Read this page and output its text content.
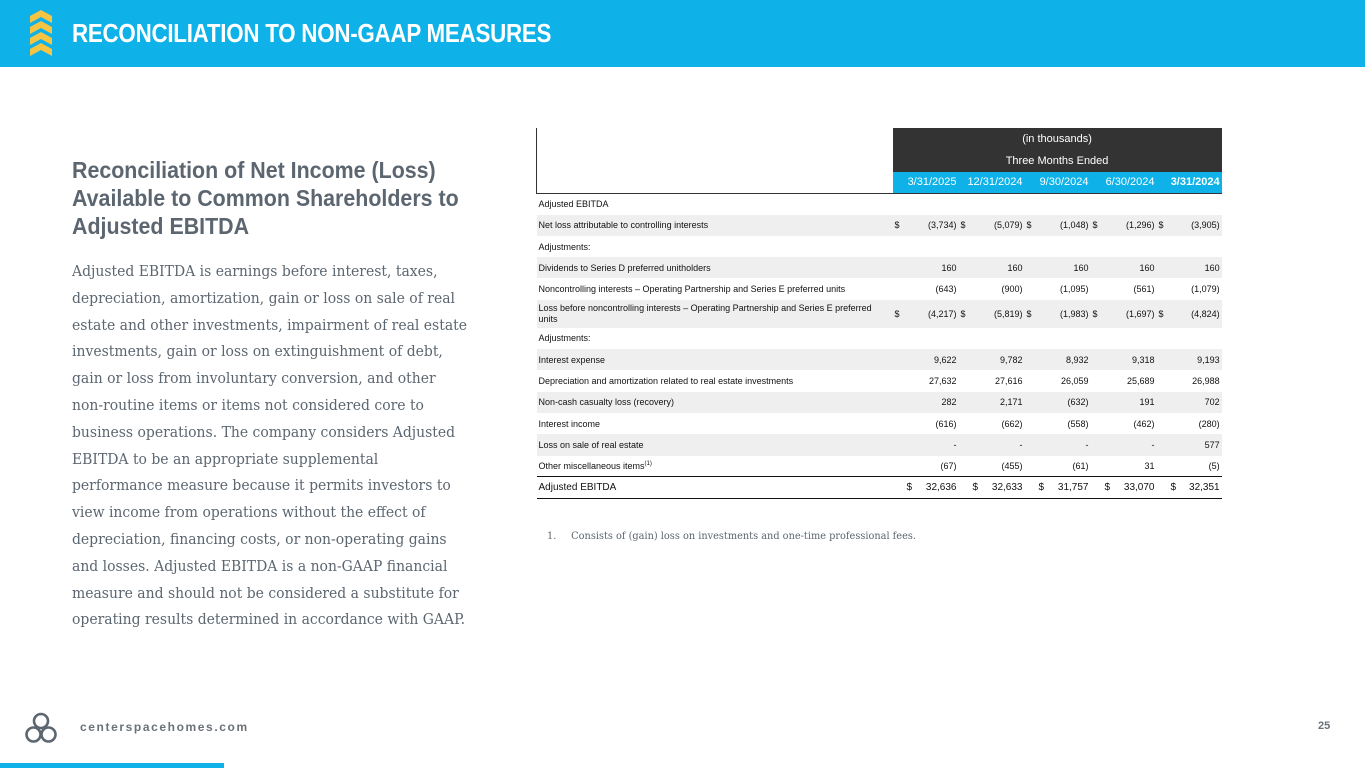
RECONCILIATION TO NON-GAAP MEASURES
Reconciliation of Net Income (Loss)
Available to Common Shareholders to
Adjusted EBITDA
Adjusted EBITDA is earnings before interest, taxes,
depreciation, amortization, gain or loss on sale of real
estate and other investments, impairment of real estate
investments, gain or loss on extinguishment of debt,
gain or loss from involuntary conversion, and other
non-routine items or items not considered core to
business operations. The company considers Adjusted
EBITDA to be an appropriate supplemental
performance measure because it permits investors to
view income from operations without the effect of
depreciation, financing costs, or non-operating gains
and losses. Adjusted EBITDA is a non-GAAP financial
measure and should not be considered a substitute for
operating results determined in accordance with GAAP.
	(in thousands)									
	Three Months Ended									
	3/31/2025		12/31/2024		9/30/2024		6/30/2024		3/31/2024	
Adjusted EBITDA										
Net loss attributable to controlling interests	$	(3,734)	$	(5,079)	$	(1,048)	$	(1,296)	$	(3,905)
Adjustments:										
Dividends to Series D preferred unitholders		160		160		160		160		160
Noncontrolling interests – Operating Partnership and Series E preferred units		(643)		(900)		(1,095)		(561)		(1,079)
Loss before noncontrolling interests – Operating Partnership and Series E preferred units	$	(4,217)	$	(5,819)	$	(1,983)	$	(1,697)	$	(4,824)
Adjustments:										
Interest expense		9,622		9,782		8,932		9,318		9,193
Depreciation and amortization related to real estate investments		27,632		27,616		26,059		25,689		26,988
Non-cash casualty loss (recovery)		282		2,171		(632)		191		702
Interest income		(616)		(662)		(558)		(462)		(280)
Loss on sale of real estate		-		-		-		-		577
Other miscellaneous items$^{(1)}$		(67)		(455)		(61)		31		(5)
Adjusted EBITDA	$	32,636	$	32,633	$	31,757	$	33,070	$	32,351
1. Consists of (gain) loss on investments and one-time professional fees.
centerspacehomes.com	25
